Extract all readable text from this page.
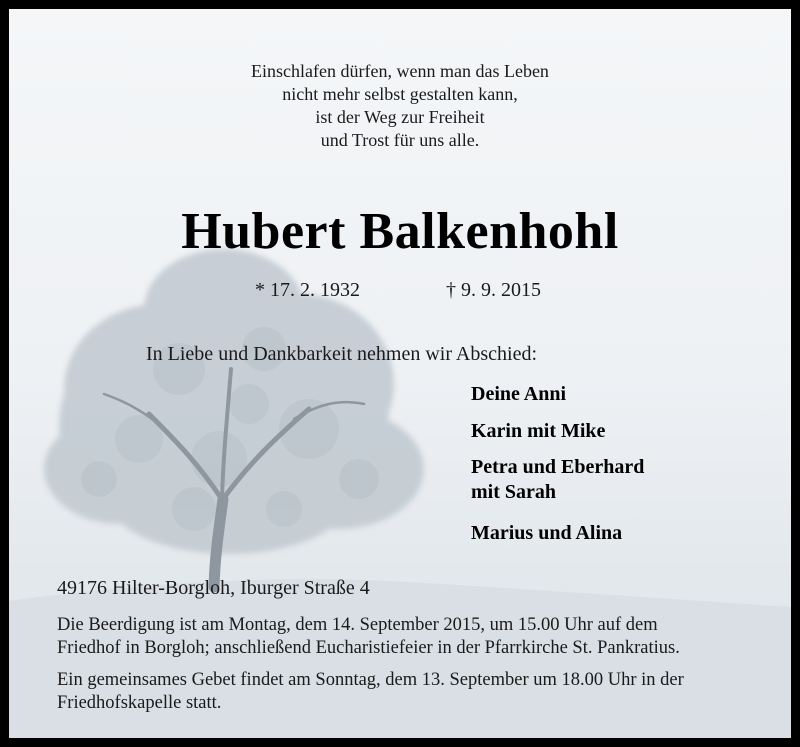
Einschlafen dürfen, wenn man das Leben
nicht mehr selbst gestalten kann,
ist der Weg zur Freiheit
und Trost für uns alle.
Hubert Balkenhohl
* 17. 2. 1932	† 9. 9. 2015
In Liebe und Dankbarkeit nehmen wir Abschied:
Deine Anni
Karin mit Mike
Petra und Eberhard
mit Sarah
Marius und Alina
49176 Hilter-Borgloh, Iburger Straße 4
Die Beerdigung ist am Montag, dem 14. September 2015, um 15.00 Uhr auf dem
Friedhof in Borgloh; anschließend Eucharistiefeier in der Pfarrkirche St. Pankratius.
Ein gemeinsames Gebet findet am Sonntag, dem 13. September um 18.00 Uhr in der
Friedhofskapelle statt.
